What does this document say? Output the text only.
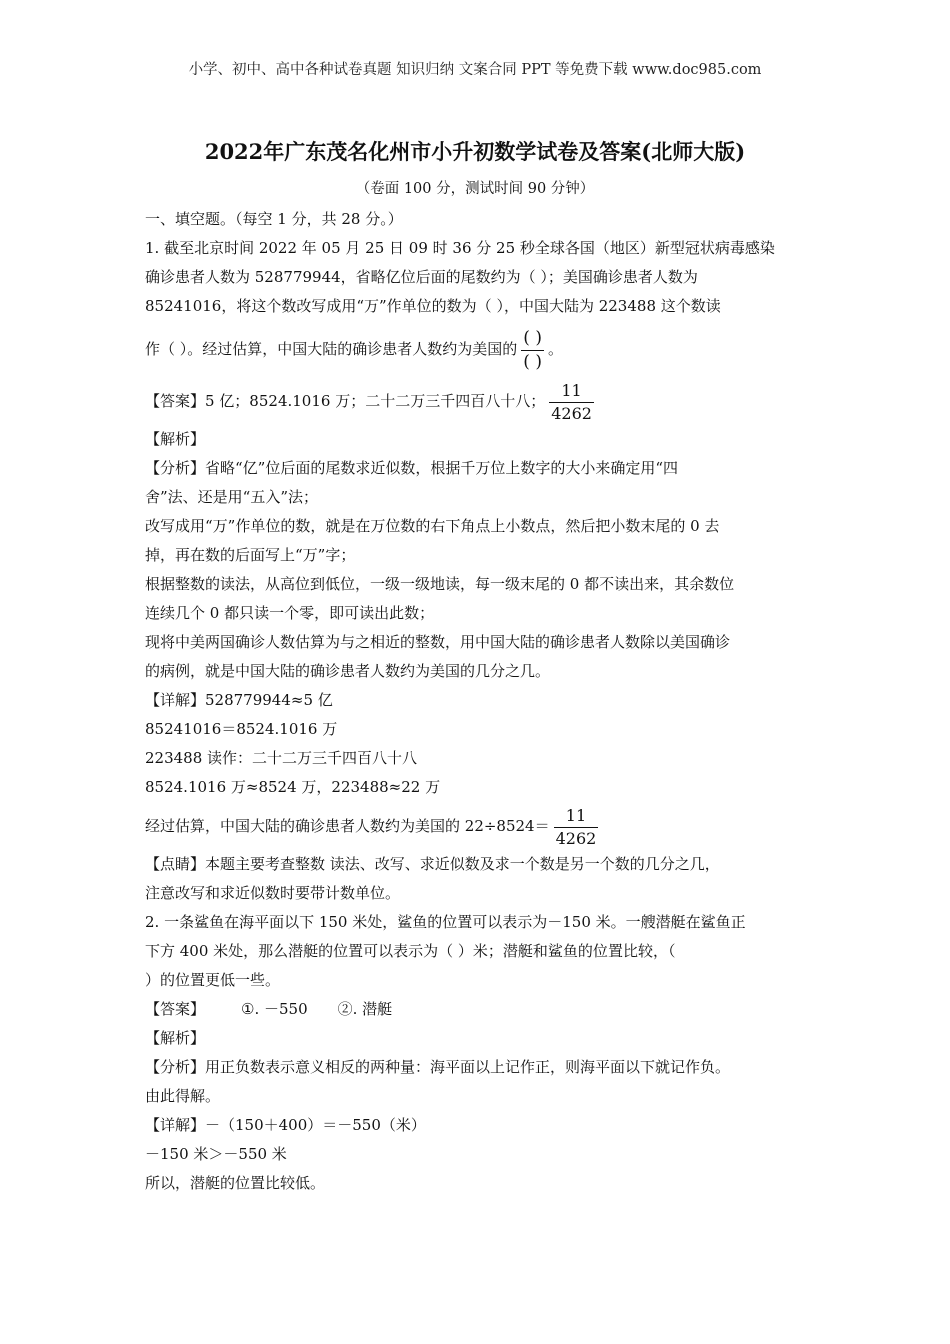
小学、初中、高中各种试卷真题 知识归纳 文案合同 PPT 等免费下载 www.doc985.com
2022年广东茂名化州市小升初数学试卷及答案(北师大版)
（卷面 100 分，测试时间 90 分钟）
一、填空题。（每空 1 分，共 28 分。）
1. 截至北京时间 2022 年 05 月 25 日 09 时 36 分 25 秒全球各国（地区）新型冠状病毒感染
确诊患者人数为 528779944，省略亿位后面的尾数约为（ ）；美国确诊患者人数为
85241016，将这个数改写成用“万”作单位的数为（ ），中国大陆为 223488 这个数读
作（ ）。经过估算，中国大陆的确诊患者人数约为美国的 $\frac{( )}{( )}$ 。
【答案】5 亿；8524.1016 万；二十二万三千四百八十八； $\frac{11}{4262}$
【解析】
【分析】省略“亿”位后面的尾数求近似数，根据千万位上数字的大小来确定用“四
舍”法、还是用“五入”法；
改写成用“万”作单位的数，就是在万位数的右下角点上小数点，然后把小数末尾的 0 去
掉，再在数的后面写上“万”字；
根据整数的读法，从高位到低位，一级一级地读，每一级末尾的 0 都不读出来，其余数位
连续几个 0 都只读一个零，即可读出此数；
现将中美两国确诊人数估算为与之相近的整数，用中国大陆的确诊患者人数除以美国确诊
的病例，就是中国大陆的确诊患者人数约为美国的几分之几。
【详解】528779944≈5 亿
85241016＝8524.1016 万
223488 读作：二十二万三千四百八十八
8524.1016 万≈8524 万，223488≈22 万
经过估算，中国大陆的确诊患者人数约为美国的 $22\div 8524= \frac{11}{4262}$
【点睛】本题主要考查整数 读法、改写、求近似数及求一个数是另一个数的几分之几，
注意改写和求近似数时要带计数单位。
2. 一条鲨鱼在海平面以下 150 米处，鲨鱼的位置可以表示为－150 米。一艘潜艇在鲨鱼正
下方 400 米处，那么潜艇的位置可以表示为（ ）米；潜艇和鲨鱼的位置比较，（
）的位置更低一些。
【答案】 ①. －550 ②. 潜艇
【解析】
【分析】用正负数表示意义相反的两种量：海平面以上记作正，则海平面以下就记作负。
由此得解。
【详解】－（150＋400）＝－550（米）
－150 米＞－550 米
所以，潜艇的位置比较低。
